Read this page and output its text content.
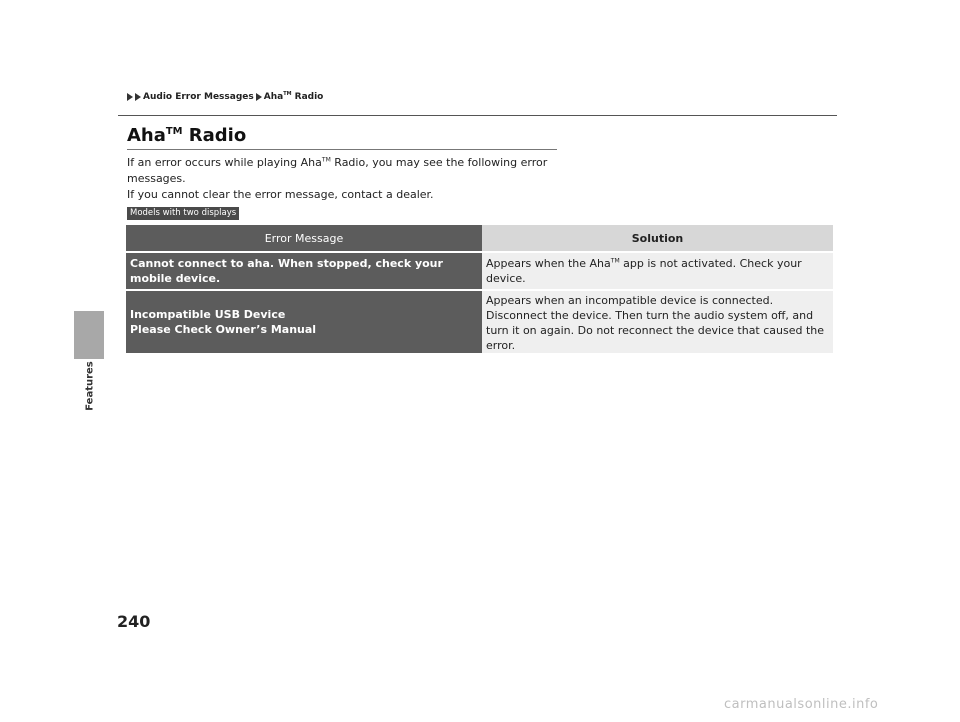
Features
Audio Error Messages Aha™ Radio
Aha™ Radio

If an error occurs while playing Aha™ Radio, you may see the following error messages.

If you cannot clear the error message, contact a dealer.

Models with two displays
Error Message	Solution
Cannot connect to aha. When stopped, check your mobile device.	Appears when the Aha™ app is not activated. Check your device.

Incompatible USB Device
Please Check Owner’s Manual	Appears when an incompatible device is connected. Disconnect the device. Then turn the audio system off, and turn it on again. Do not reconnect the device that caused the error.
240
carmanualsonline.info
